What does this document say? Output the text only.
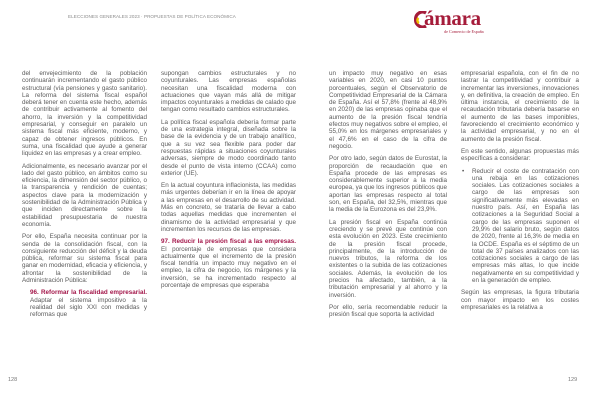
ELECCIONES GENERALES 2023 · PROPUESTAS DE POLÍTICA ECONÓMICA	ámara
de Comercio de España

del envejecimiento de la población continuarán incrementando el gasto público estructural (vía pensiones y gasto sanitario). La reforma del sistema fiscal español deberá tener en cuenta este hecho, además de contribuir activamente al fomento del ahorro, la inversión y la competitividad empresarial, y conseguir en paralelo un sistema fiscal más eficiente, moderno, y capaz de obtener ingresos públicos. En suma, una fiscalidad que ayude a generar liquidez en las empresas y a crear empleo.

Adicionalmente, es necesario avanzar por el lado del gasto público, en ámbitos como su eficiencia, la dimensión del sector público, o la transparencia y rendición de cuentas; aspectos clave para la modernización y sostenibilidad de la Administración Pública y que inciden directamente sobre la estabilidad presupuestaria de nuestra economía.

Por ello, España necesita continuar por la senda de la consolidación fiscal, con la consiguiente reducción del déficit y la deuda pública, reformar su sistema fiscal para ganar en modernidad, eficacia y eficiencia, y afrontar la sostenibilidad de la Administración Pública:

96. Reformar la fiscalidad empresarial. Adaptar el sistema impositivo a la realidad del siglo XXI con medidas y reformas que

supongan cambios estructurales y no coyunturales. Las empresas españolas necesitan una fiscalidad moderna con actuaciones que vayan más allá de mitigar impactos coyunturales a medidas de calado que tengan como resultado cambios estructurales.

La política fiscal española debería formar parte de una estrategia integral, diseñada sobre la base de la evidencia y de un trabajo analítico, que a su vez sea flexible para poder dar respuestas rápidas a situaciones coyunturales adversas, siempre de modo coordinado tanto desde el punto de vista interno (CCAA) como exterior (UE).

En la actual coyuntura inflacionista, las medidas más urgentes deberían ir en la línea de apoyar a las empresas en el desarrollo de su actividad. Más en concreto, se trataría de llevar a cabo todas aquellas medidas que incrementen el dinamismo de la actividad empresarial y que incrementen los recursos de las empresas.

97. Reducir la presión fiscal a las empresas. El porcentaje de empresas que considera actualmente que el incremento de la presión fiscal tendría un impacto muy negativo en el empleo, la cifra de negocio, los márgenes y la inversión, se ha incrementado respecto al porcentaje de empresas que esperaba

un impacto muy negativo en esas variables en 2020, en casi 10 puntos porcentuales, según el Observatorio de Competitividad Empresarial de la Cámara de España. Así el 57,8% (frente al 48,9% en 2020) de las empresas opinaba que el aumento de la presión fiscal tendría efectos muy negativos sobre el empleo, el 55,0% en los márgenes empresariales y el 47,6% en el caso de la cifra de negocio.

Por otro lado, según datos de Eurostat, la proporción de recaudación que en España procede de las empresas es considerablemente superior a la media europea, ya que los ingresos públicos que aportan las empresas respecto al total son, en España, del 32,5%, mientras que la media de la Eurozona es del 23,9%.

La presión fiscal en España continúa creciendo y se prevé que continúe con esta evolución en 2023. Este crecimiento de la presión fiscal procede, principalmente, de la introducción de nuevos tributos, la reforma de los existentes o la subida de las cotizaciones sociales. Además, la evolución de los precios ha afectado, también, a la tributación empresarial y al ahorro y la inversión.

Por ello, sería recomendable reducir la presión fiscal que soporta la actividad

empresarial española, con el fin de no lastrar la competitividad y contribuir a incrementar las inversiones, innovaciones y, en definitiva, la creación de empleo. En última instancia, el crecimiento de la recaudación tributaria debería basarse en el aumento de las bases imponibles, favoreciendo el crecimiento económico y la actividad empresarial, y no en el aumento de la presión fiscal.

En este sentido, algunas propuestas más específicas a considerar:

• Reducir el coste de contratación con una rebaja en las cotizaciones sociales. Las cotizaciones sociales a cargo de las empresas son significativamente más elevadas en nuestro país. Así, en España las cotizaciones a la Seguridad Social a cargo de las empresas suponen el 29,9% del salario bruto, según datos de 2020, frente al 16,3% de media en la OCDE. España es el séptimo de un total de 37 países analizados con las cotizaciones sociales a cargo de las empresas más altas, lo que incide negativamente en su competitividad y en la generación de empleo.

Según las empresas, la figura tributaria con mayor impacto en los costes empresariales es la relativa a

128	129
